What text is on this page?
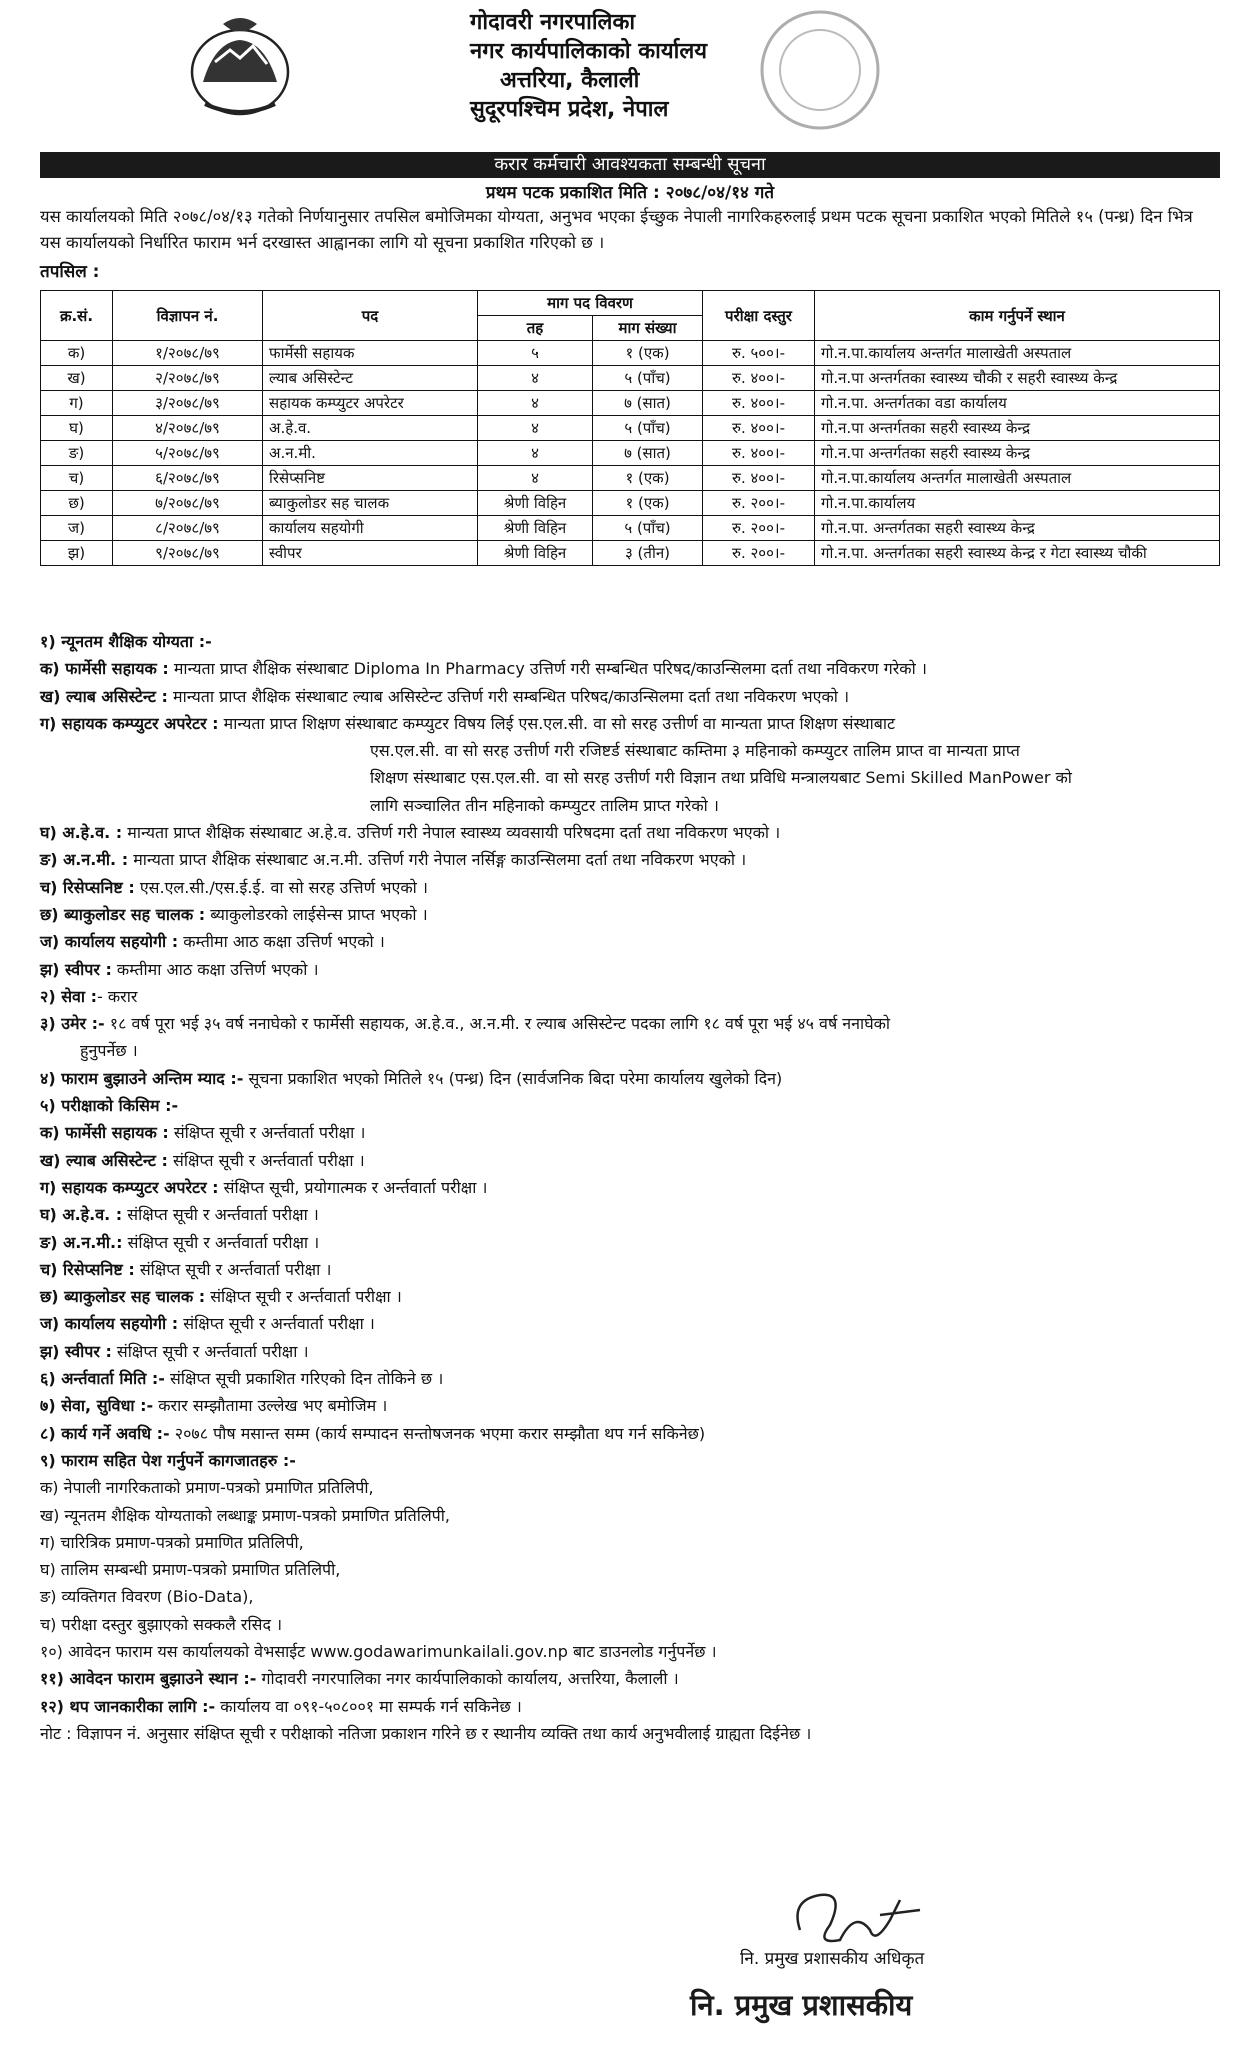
गोदावरी नगरपालिका
नगर कार्यपालिकाको कार्यालय
अत्तरिया, कैलाली
सुदूरपश्चिम प्रदेश, नेपाल
करार कर्मचारी आवश्यकता सम्बन्धी सूचना
प्रथम पटक प्रकाशित मिति : २०७८/०४/१४ गते
यस कार्यालयको मिति २०७८/०४/१३ गतेको निर्णयानुसार तपसिल बमोजिमका योग्यता, अनुभव भएका ईच्छुक नेपाली नागरिकहरुलाई प्रथम पटक सूचना प्रकाशित भएको मितिले १५ (पन्ध्र) दिन भित्र यस कार्यालयको निर्धारित फाराम भर्न दरखास्त आह्वानका लागि यो सूचना प्रकाशित गरिएको छ ।
तपसिल :
क्र.सं.	विज्ञापन नं.	पद	माग पद विवरण		परीक्षा दस्तुर	काम गर्नुपर्ने स्थान
			तह	माग संख्या		
क)	१/२०७८/७९	फार्मेसी सहायक	५	१ (एक)	रु. ५००।-	गो.न.पा.कार्यालय अन्तर्गत मालाखेती अस्पताल
ख)	२/२०७८/७९	ल्याब असिस्टेन्ट	४	५ (पाँच)	रु. ४००।-	गो.न.पा अन्तर्गतका स्वास्थ्य चौकी र सहरी स्वास्थ्य केन्द्र
ग)	३/२०७८/७९	सहायक कम्प्युटर अपरेटर	४	७ (सात)	रु. ४००।-	गो.न.पा. अन्तर्गतका वडा कार्यालय
घ)	४/२०७८/७९	अ.हे.व.	४	५ (पाँच)	रु. ४००।-	गो.न.पा अन्तर्गतका सहरी स्वास्थ्य केन्द्र
ङ)	५/२०७८/७९	अ.न.मी.	४	७ (सात)	रु. ४००।-	गो.न.पा अन्तर्गतका सहरी स्वास्थ्य केन्द्र
च)	६/२०७८/७९	रिसेप्सनिष्ट	४	१ (एक)	रु. ४००।-	गो.न.पा.कार्यालय अन्तर्गत मालाखेती अस्पताल
छ)	७/२०७८/७९	ब्याकुलोडर सह चालक	श्रेणी विहिन	१ (एक)	रु. २००।-	गो.न.पा.कार्यालय
ज)	८/२०७८/७९	कार्यालय सहयोगी	श्रेणी विहिन	५ (पाँच)	रु. २००।-	गो.न.पा. अन्तर्गतका सहरी स्वास्थ्य केन्द्र
झ)	९/२०७८/७९	स्वीपर	श्रेणी विहिन	३ (तीन)	रु. २००।-	गो.न.पा. अन्तर्गतका सहरी स्वास्थ्य केन्द्र र गेटा स्वास्थ्य चौकी
१) न्यूनतम शैक्षिक योग्यता :-
क) फार्मेसी सहायक : मान्यता प्राप्त शैक्षिक संस्थाबाट Diploma In Pharmacy उत्तिर्ण गरी सम्बन्धित परिषद/काउन्सिलमा दर्ता तथा नविकरण गरेको ।
ख) ल्याब असिस्टेन्ट : मान्यता प्राप्त शैक्षिक संस्थाबाट ल्याब असिस्टेन्ट उत्तिर्ण गरी सम्बन्धित परिषद/काउन्सिलमा दर्ता तथा नविकरण भएको ।
ग) सहायक कम्प्युटर अपरेटर : मान्यता प्राप्त शिक्षण संस्थाबाट कम्प्युटर विषय लिई एस.एल.सी. वा सो सरह उत्तीर्ण वा मान्यता प्राप्त शिक्षण संस्थाबाट
एस.एल.सी. वा सो सरह उत्तीर्ण गरी रजिष्टर्ड संस्थाबाट कम्तिमा ३ महिनाको कम्प्युटर तालिम प्राप्त वा मान्यता प्राप्त
शिक्षण संस्थाबाट एस.एल.सी. वा सो सरह उत्तीर्ण गरी विज्ञान तथा प्रविधि मन्त्रालयबाट Semi Skilled ManPower को
लागि सञ्चालित तीन महिनाको कम्प्युटर तालिम प्राप्त गरेको ।
घ) अ.हे.व. : मान्यता प्राप्त शैक्षिक संस्थाबाट अ.हे.व. उत्तिर्ण गरी नेपाल स्वास्थ्य व्यवसायी परिषदमा दर्ता तथा नविकरण भएको ।
ङ) अ.न.मी. : मान्यता प्राप्त शैक्षिक संस्थाबाट अ.न.मी. उत्तिर्ण गरी नेपाल नर्सिङ्ग काउन्सिलमा दर्ता तथा नविकरण भएको ।
च) रिसेप्सनिष्ट : एस.एल.सी./एस.ई.ई. वा सो सरह उत्तिर्ण भएको ।
छ) ब्याकुलोडर सह चालक : ब्याकुलोडरको लाईसेन्स प्राप्त भएको ।
ज) कार्यालय सहयोगी : कम्तीमा आठ कक्षा उत्तिर्ण भएको ।
झ) स्वीपर : कम्तीमा आठ कक्षा उत्तिर्ण भएको ।
२) सेवा :- करार
३) उमेर :- १८ वर्ष पूरा भई ३५ वर्ष ननाघेको र फार्मेसी सहायक, अ.हे.व., अ.न.मी. र ल्याब असिस्टेन्ट पदका लागि १८ वर्ष पूरा भई ४५ वर्ष ननाघेको
हुनुपर्नेछ ।
४) फाराम बुझाउने अन्तिम म्याद :- सूचना प्रकाशित भएको मितिले १५ (पन्ध्र) दिन (सार्वजनिक बिदा परेमा कार्यालय खुलेको दिन)
५) परीक्षाको किसिम :-
क) फार्मेसी सहायक : संक्षिप्त सूची र अर्न्तवार्ता परीक्षा ।
ख) ल्याब असिस्टेन्ट : संक्षिप्त सूची र अर्न्तवार्ता परीक्षा ।
ग) सहायक कम्प्युटर अपरेटर : संक्षिप्त सूची, प्रयोगात्मक र अर्न्तवार्ता परीक्षा ।
घ) अ.हे.व. : संक्षिप्त सूची र अर्न्तवार्ता परीक्षा ।
ङ) अ.न.मी.: संक्षिप्त सूची र अर्न्तवार्ता परीक्षा ।
च) रिसेप्सनिष्ट : संक्षिप्त सूची र अर्न्तवार्ता परीक्षा ।
छ) ब्याकुलोडर सह चालक : संक्षिप्त सूची र अर्न्तवार्ता परीक्षा ।
ज) कार्यालय सहयोगी : संक्षिप्त सूची र अर्न्तवार्ता परीक्षा ।
झ) स्वीपर : संक्षिप्त सूची र अर्न्तवार्ता परीक्षा ।
६) अर्न्तवार्ता मिति :- संक्षिप्त सूची प्रकाशित गरिएको दिन तोकिने छ ।
७) सेवा, सुविधा :- करार सम्झौतामा उल्लेख भए बमोजिम ।
८) कार्य गर्ने अवधि :- २०७८ पौष मसान्त सम्म (कार्य सम्पादन सन्तोषजनक भएमा करार सम्झौता थप गर्न सकिनेछ)
९) फाराम सहित पेश गर्नुपर्ने कागजातहरु :-
क) नेपाली नागरिकताको प्रमाण-पत्रको प्रमाणित प्रतिलिपी,
ख) न्यूनतम शैक्षिक योग्यताको लब्धाङ्क प्रमाण-पत्रको प्रमाणित प्रतिलिपी,
ग) चारित्रिक प्रमाण-पत्रको प्रमाणित प्रतिलिपी,
घ) तालिम सम्बन्धी प्रमाण-पत्रको प्रमाणित प्रतिलिपी,
ङ) व्यक्तिगत विवरण (Bio-Data),
च) परीक्षा दस्तुर बुझाएको सक्कलै रसिद ।
१०) आवेदन फाराम यस कार्यालयको वेभसाईट www.godawarimunkailali.gov.np बाट डाउनलोड गर्नुपर्नेछ ।
११) आवेदन फाराम बुझाउने स्थान :- गोदावरी नगरपालिका नगर कार्यपालिकाको कार्यालय, अत्तरिया, कैलाली ।
१२) थप जानकारीका लागि :- कार्यालय वा ०९१-५०८००१ मा सम्पर्क गर्न सकिनेछ ।
नोट : विज्ञापन नं. अनुसार संक्षिप्त सूची र परीक्षाको नतिजा प्रकाशन गरिने छ र स्थानीय व्यक्ति तथा कार्य अनुभवीलाई ग्राह्यता दिईनेछ ।
नि. प्रमुख प्रशासकीय अधिकृत
नि. प्रमुख प्रशासकीय
